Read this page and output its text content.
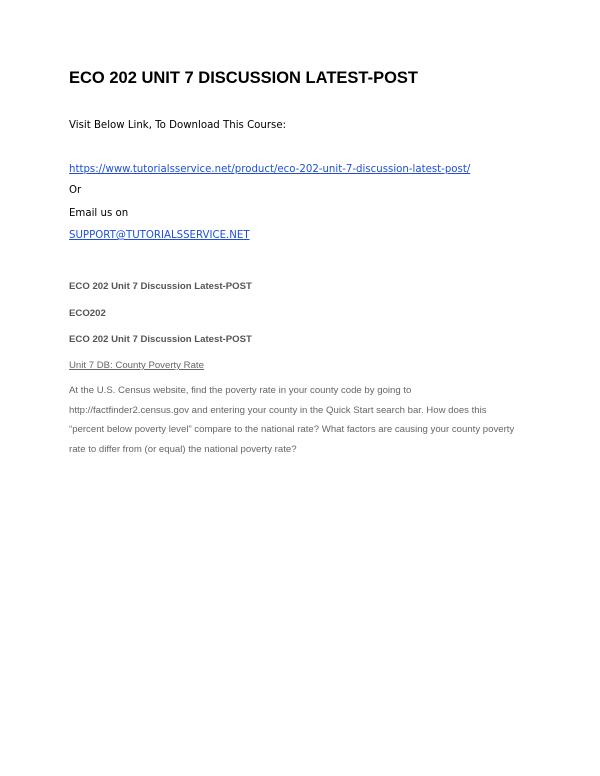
ECO 202 UNIT 7 DISCUSSION LATEST-POST

Visit Below Link, To Download This Course:

https://www.tutorialsservice.net/product/eco-202-unit-7-discussion-latest-post/

Or

Email us on

SUPPORT@TUTORIALSSERVICE.NET

ECO 202 Unit 7 Discussion Latest-POST

ECO202

ECO 202 Unit 7 Discussion Latest-POST

Unit 7 DB: County Poverty Rate

At the U.S. Census website, find the poverty rate in your county code by going to
http://factfinder2.census.gov and entering your county in the Quick Start search bar. How does this
“percent below poverty level” compare to the national rate? What factors are causing your county poverty
rate to differ from (or equal) the national poverty rate?
